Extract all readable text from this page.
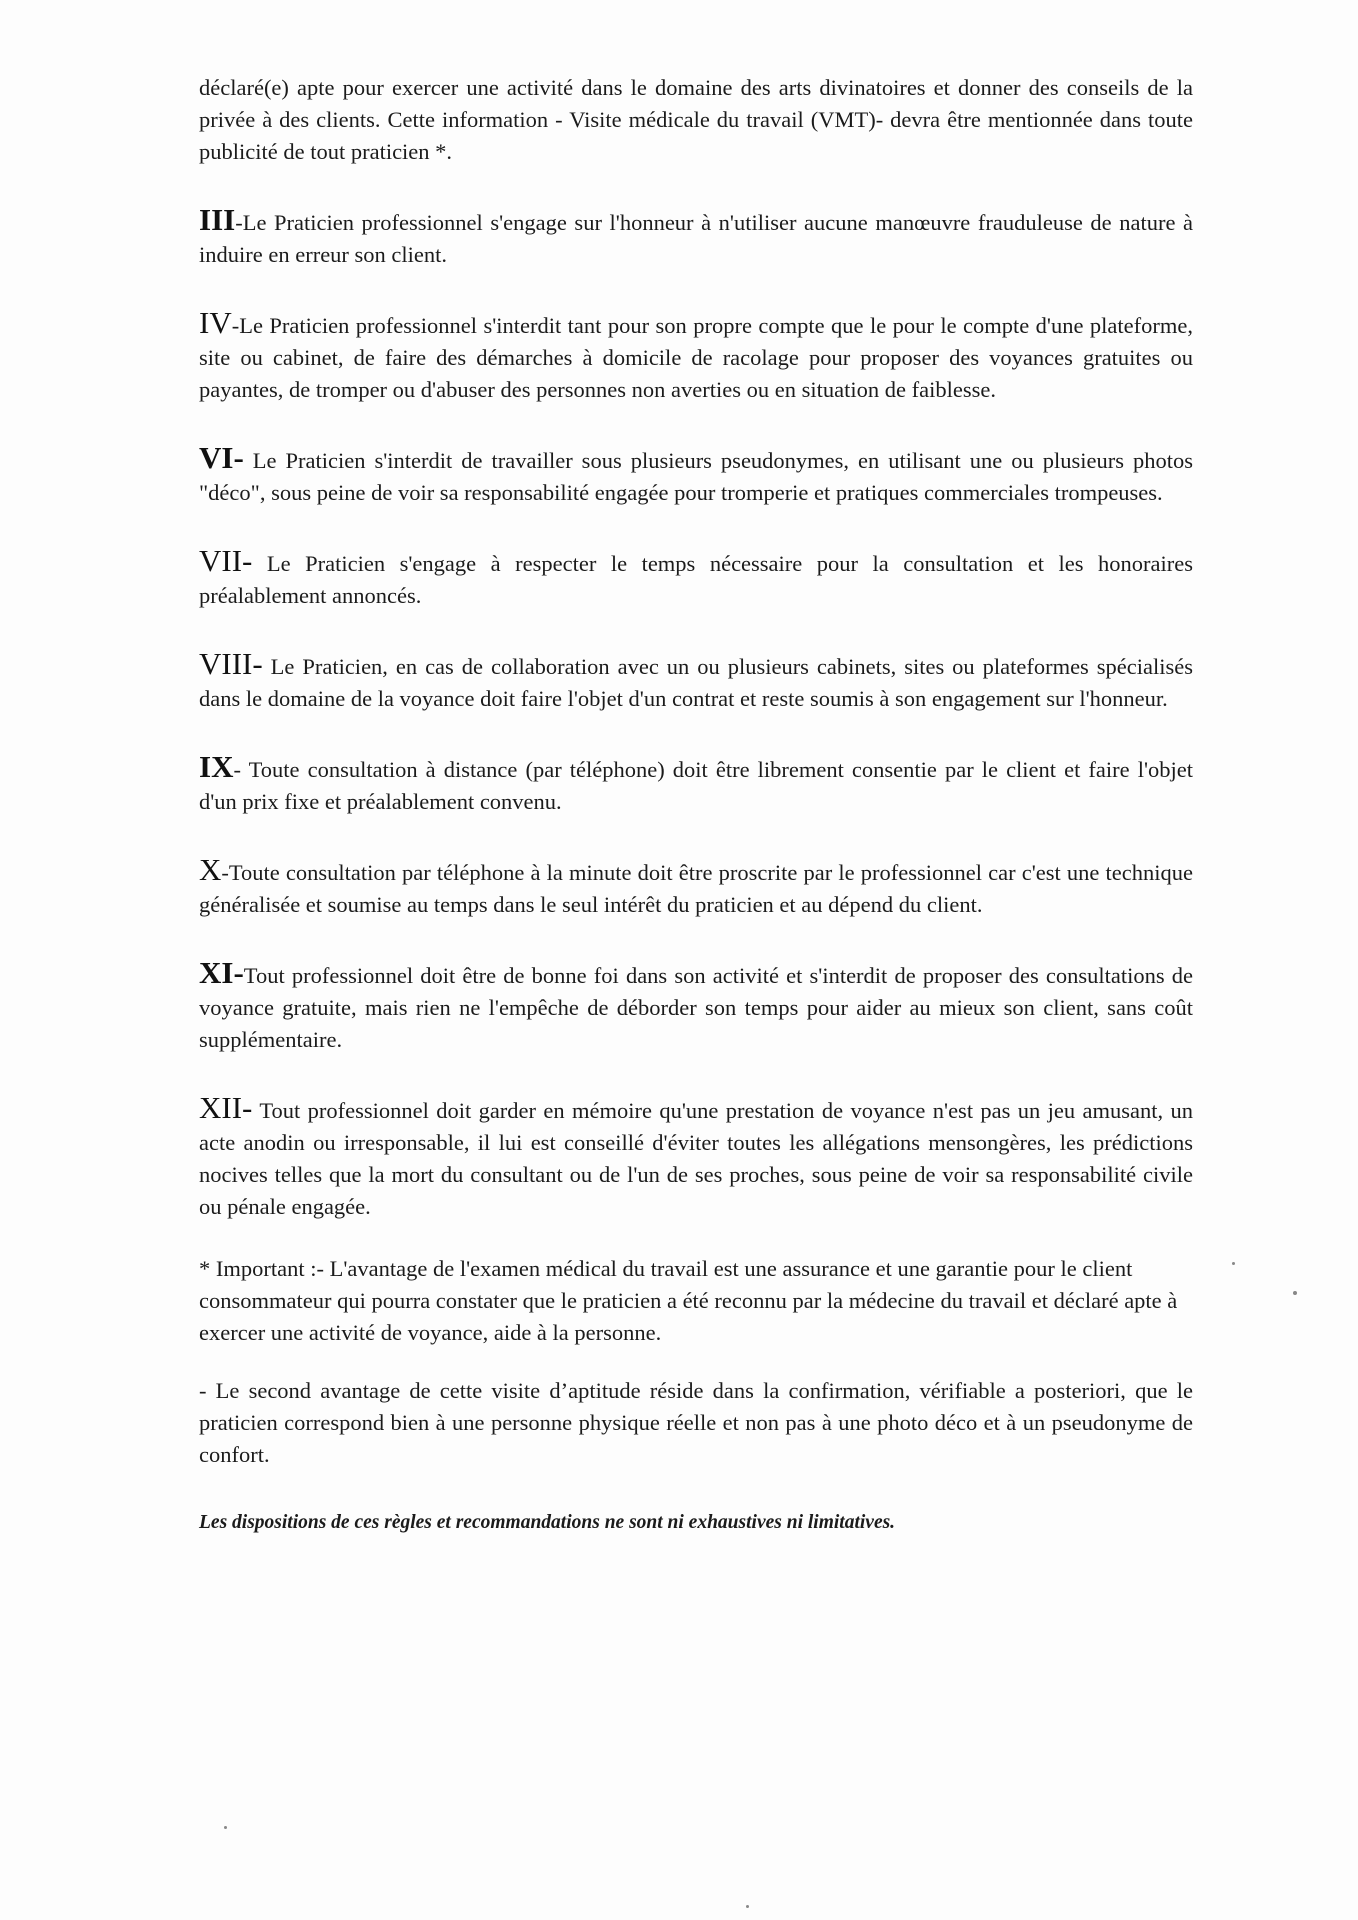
déclaré(e) apte pour exercer une activité dans le domaine des arts divinatoires et donner des conseils de la privée à des clients. Cette information - Visite médicale du travail (VMT)- devra être mentionnée dans toute publicité de tout praticien *.

III-Le Praticien professionnel s'engage sur l'honneur à n'utiliser aucune manœuvre frauduleuse de nature à induire en erreur son client.

IV-Le Praticien professionnel s'interdit tant pour son propre compte que le pour le compte d'une plateforme, site ou cabinet, de faire des démarches à domicile de racolage pour proposer des voyances gratuites ou payantes, de tromper ou d'abuser des personnes non averties ou en situation de faiblesse.

VI- Le Praticien s'interdit de travailler sous plusieurs pseudonymes, en utilisant une ou plusieurs photos "déco", sous peine de voir sa responsabilité engagée pour tromperie et pratiques commerciales trompeuses.

VII- Le Praticien s'engage à respecter le temps nécessaire pour la consultation et les honoraires préalablement annoncés.

VIII- Le Praticien, en cas de collaboration avec un ou plusieurs cabinets, sites ou plateformes spécialisés dans le domaine de la voyance doit faire l'objet d'un contrat et reste soumis à son engagement sur l'honneur.

IX- Toute consultation à distance (par téléphone) doit être librement consentie par le client et faire l'objet d'un prix fixe et préalablement convenu.

X-Toute consultation par téléphone à la minute doit être proscrite par le professionnel car c'est une technique généralisée et soumise au temps dans le seul intérêt du praticien et au dépend du client.

XI-Tout professionnel doit être de bonne foi dans son activité et s'interdit de proposer des consultations de voyance gratuite, mais rien ne l'empêche de déborder son temps pour aider au mieux son client, sans coût supplémentaire.

XII- Tout professionnel doit garder en mémoire qu'une prestation de voyance n'est pas un jeu amusant, un acte anodin ou irresponsable, il lui est conseillé d'éviter toutes les allégations mensongères, les prédictions nocives telles que la mort du consultant ou de l'un de ses proches, sous peine de voir sa responsabilité civile ou pénale engagée.

* Important :- L'avantage de l'examen médical du travail est une assurance et une garantie pour le client consommateur qui pourra constater que le praticien a été reconnu par la médecine du travail et déclaré apte à exercer une activité de voyance, aide à la personne.

- Le second avantage de cette visite d’aptitude réside dans la confirmation, vérifiable a posteriori, que le praticien correspond bien à une personne physique réelle et non pas à une photo déco et à un pseudonyme de confort.

Les dispositions de ces règles et recommandations ne sont ni exhaustives ni limitatives.
